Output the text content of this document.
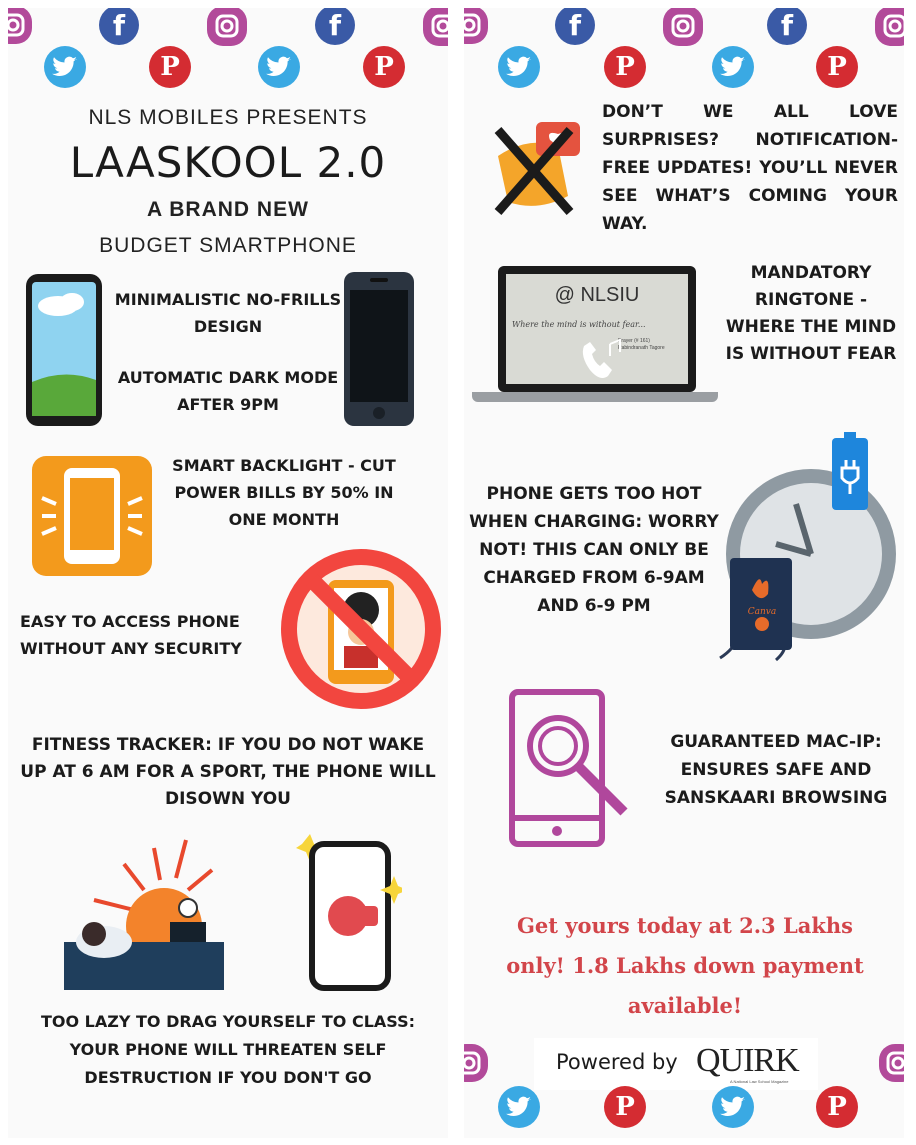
f	f
P	P
NLS MOBILES PRESENTS
LAASKOOL 2.0
A BRAND NEW
BUDGET SMARTPHONE
MINIMALISTIC NO-FRILLS DESIGN
AUTOMATIC DARK MODE AFTER 9PM
SMART BACKLIGHT - CUT POWER BILLS BY 50% IN ONE MONTH
EASY TO ACCESS PHONE WITHOUT ANY SECURITY
FITNESS TRACKER: IF YOU DO NOT WAKE UP AT 6 AM FOR A SPORT, THE PHONE WILL DISOWN YOU
TOO LAZY TO DRAG YOURSELF TO CLASS: YOUR PHONE WILL THREATEN SELF DESTRUCTION IF YOU DON'T GO
f	f
P	P
DON’T WE ALL LOVE SURPRISES? NOTIFICATION-FREE UPDATES! YOU’LL NEVER SEE WHAT’S COMING YOUR WAY.
@ NLSIU
Where the mind is without fear...
Prayer (# 161)
Rabindranath Tagore
MANDATORY RINGTONE - WHERE THE MIND IS WITHOUT FEAR
PHONE GETS TOO HOT WHEN CHARGING: WORRY NOT! THIS CAN ONLY BE CHARGED FROM 6-9AM AND 6-9 PM	Canva
GUARANTEED MAC-IP: ENSURES SAFE AND SANSKAARI BROWSING
Get yours today at 2.3 Lakhs only! 1.8 Lakhs down payment available!
Powered by QUIRK
A National Law School Magazine
P	P
